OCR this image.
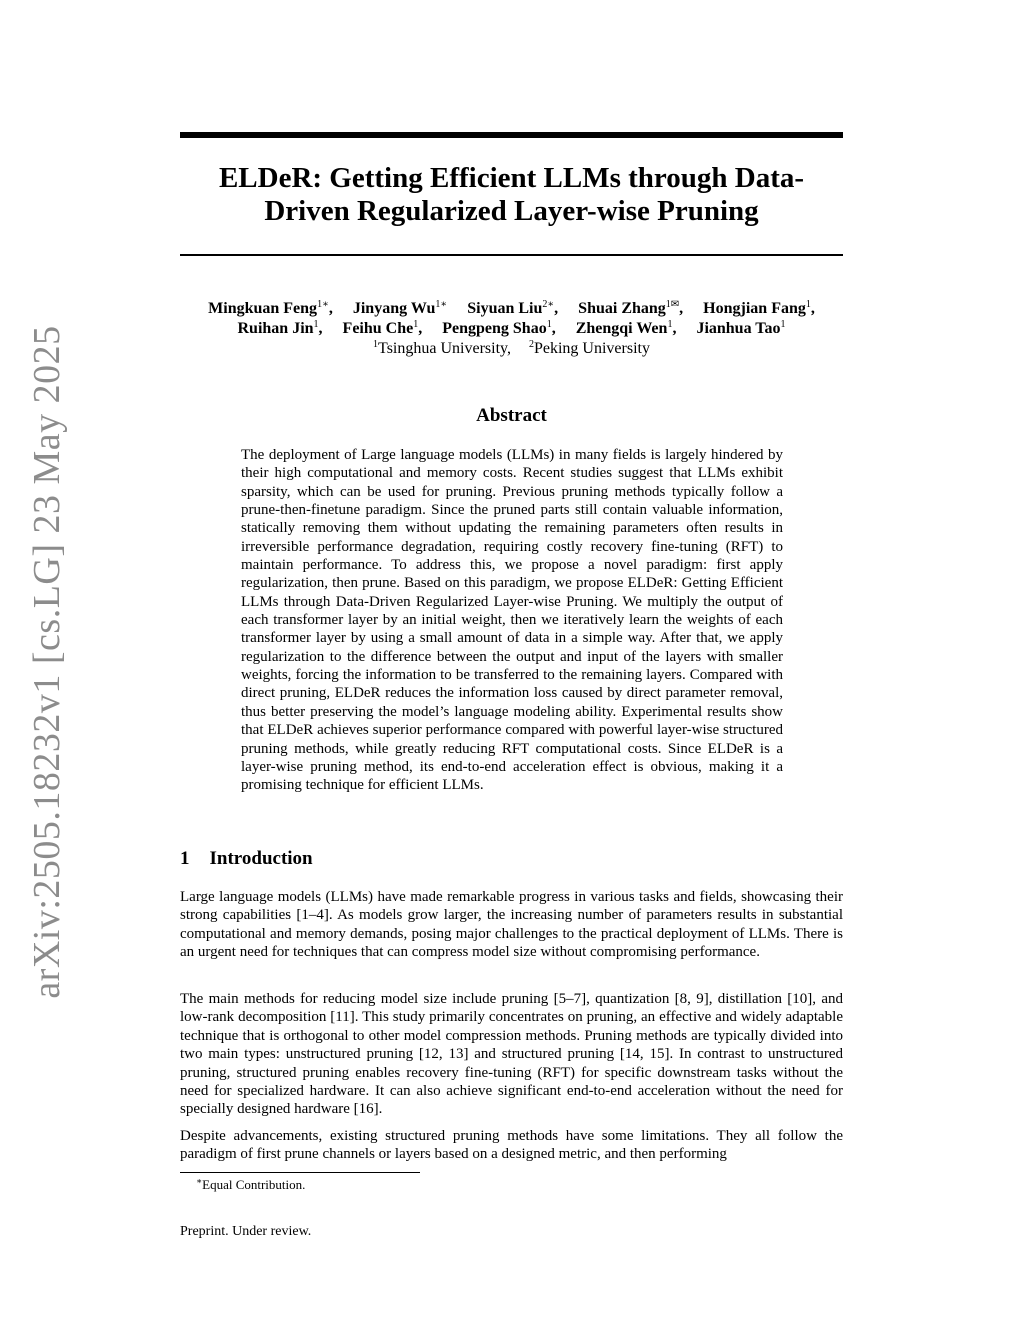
arXiv:2505.18232v1 [cs.LG] 23 May 2025
ELDeR: Getting Efficient LLMs through Data-Driven Regularized Layer-wise Pruning
Mingkuan Feng$^{1∗}$, Jinyang $Wu^{1∗}$ Siyuan Liu$^{2∗}$, Shuai Zhang$^{1✉}$, Hongjian Fang$^1$,
Ruihan Jin$^1$, Feihu Che$^1$, Pengpeng Shao$^1$, Zhengqi Wen$^1$, Jianhua Tao$^1$
$^1$Tsinghua University, $^2$Peking University
Abstract

The deployment of Large language models (LLMs) in many fields is largely hindered by their high computational and memory costs. Recent studies suggest that LLMs exhibit sparsity, which can be used for pruning. Previous pruning methods typically follow a prune-then-finetune paradigm. Since the pruned parts still contain valuable information, statically removing them without updating the remaining parameters often results in irreversible performance degradation, requiring costly recovery fine-tuning (RFT) to maintain performance. To address this, we propose a novel paradigm: first apply regularization, then prune. Based on this paradigm, we propose ELDeR: Getting Efficient LLMs through Data-Driven Regularized Layer-wise Pruning. We multiply the output of each transformer layer by an initial weight, then we iteratively learn the weights of each transformer layer by using a small amount of data in a simple way. After that, we apply regularization to the difference between the output and input of the layers with smaller weights, forcing the information to be transferred to the remaining layers. Compared with direct pruning, ELDeR reduces the information loss caused by direct parameter removal, thus better preserving the model’s language modeling ability. Experimental results show that ELDeR achieves superior performance compared with powerful layer-wise structured pruning methods, while greatly reducing RFT computational costs. Since ELDeR is a layer-wise pruning method, its end-to-end acceleration effect is obvious, making it a promising technique for efficient LLMs.

1 Introduction

Large language models (LLMs) have made remarkable progress in various tasks and fields, showcasing their strong capabilities [1–4]. As models grow larger, the increasing number of parameters results in substantial computational and memory demands, posing major challenges to the practical deployment of LLMs. There is an urgent need for techniques that can compress model size without compromising performance.

The main methods for reducing model size include pruning [5–7], quantization [8, 9], distillation [10], and low-rank decomposition [11]. This study primarily concentrates on pruning, an effective and widely adaptable technique that is orthogonal to other model compression methods. Pruning methods are typically divided into two main types: unstructured pruning [12, 13] and structured pruning [14, 15]. In contrast to unstructured pruning, structured pruning enables recovery fine-tuning (RFT) for specific downstream tasks without the need for specialized hardware. It can also achieve significant end-to-end acceleration without the need for specially designed hardware [16].

Despite advancements, existing structured pruning methods have some limitations. They all follow the paradigm of first prune channels or layers based on a designed metric, and then performing

∗Equal Contribution.

Preprint. Under review.
